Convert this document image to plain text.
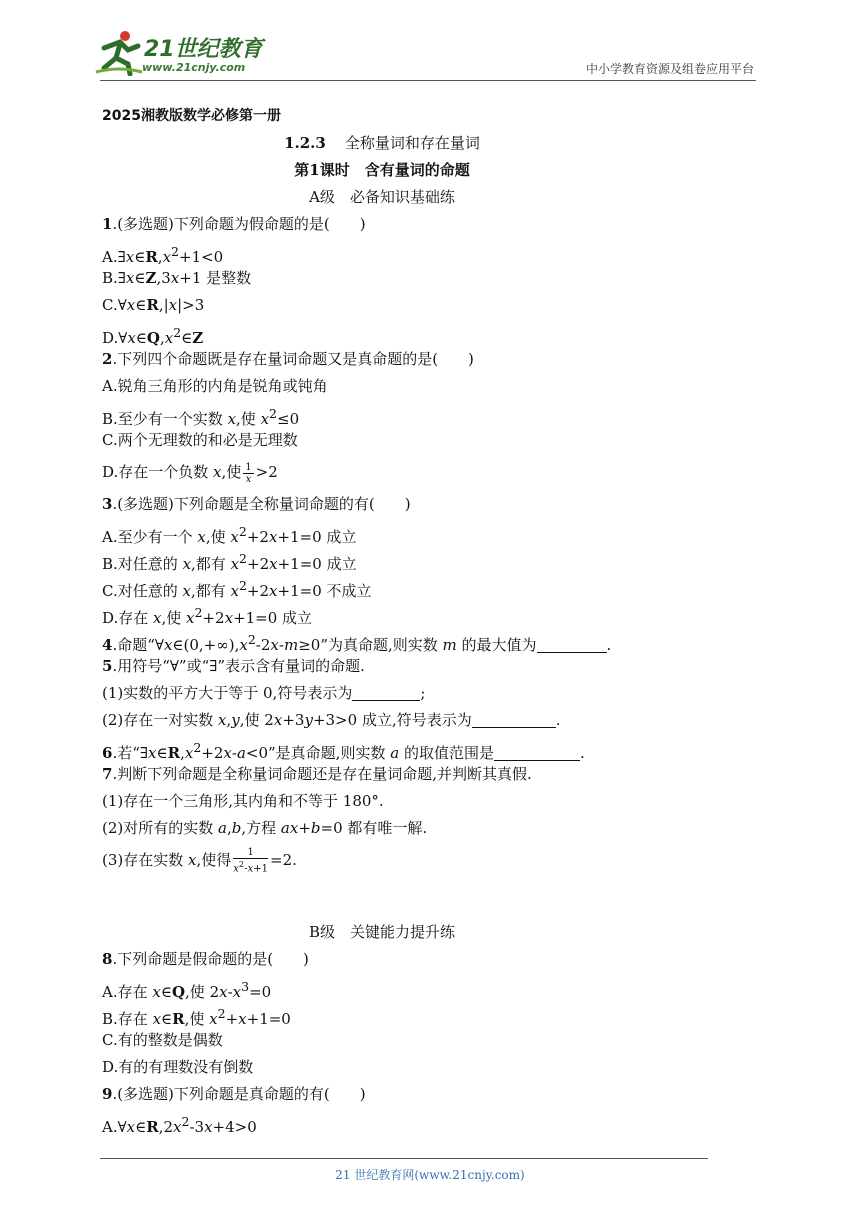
21世纪教育
www.21cnjy.com	中小学教育资源及组卷应用平台
2025湘教版数学必修第一册
1.2.3 全称量词和存在量词
第1课时　含有量词的命题
A级　必备知识基础练
1.(多选题)下列命题为假命题的是(　　)
$A.\exists x\in R,x^2+1<0$
B.∃x∈Z,3x+1 是整数
C.∀x∈R,|x|>3
$D.\forall x\in Q,x^2\in Z$
2.下列四个命题既是存在量词命题又是真命题的是(　　)
A.锐角三角形的内角是锐角或钝角
B.至少有一个实数 x,使 $x^2\le 0$
C.两个无理数的和必是无理数
D.存在一个负数 x,使 $\frac{1}{x} >2$
3.(多选题)下列命题是全称量词命题的有(　　)
A.至少有一个 x,使 $x^2+2x+1=0$ 成立
B.对任意的 x,都有 $x^2+2x+1=0$ 成立
C.对任意的 x,都有 $x^2+2x+1=0$ 不成立
D.存在 x,使 $x^2+2x+1=0$ 成立
4.命题“$\forall x\in(0,+\infty),x^2-2x-m\ge 0$”为真命题,则实数 m 的最大值为	.
5.用符号“∀”或“∃”表示含有量词的命题.
(1)实数的平方大于等于 0,符号表示为	;
(2)存在一对实数 x,y,使 2x+3y+3>0 成立,符号表示为	.
6.若“$\exists x\in R,x^2+2x-a<0$”是真命题,则实数 a 的取值范围是	.
7.判断下列命题是全称量词命题还是存在量词命题,并判断其真假.
(1)存在一个三角形,其内角和不等于 180°.
(2)对所有的实数 a,b,方程 ax+b=0 都有唯一解.
(3)存在实数 x,使得 $\frac{1}{x^2-x+1} =2$.
B级　关键能力提升练
8.下列命题是假命题的是(　　)
A.存在 x∈Q,使 $2x-x^3=0$
B.存在 x∈R,使 $x^2+x+1=0$
C.有的整数是偶数
D.有的有理数没有倒数
9.(多选题)下列命题是真命题的有(　　)
$A.\forall x\in R,2x^2-3x+4>0$
21 世纪教育网(www.21cnjy.com)
